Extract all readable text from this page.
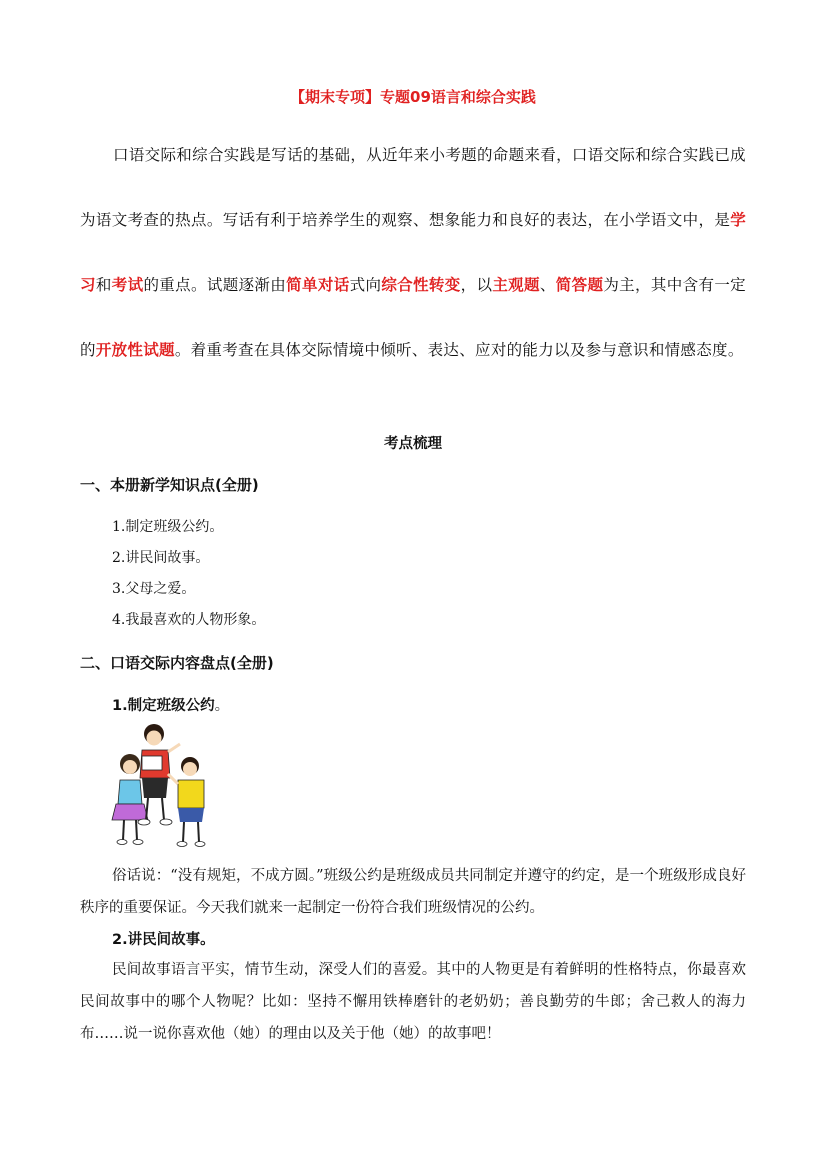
【期末专项】专题09语言和综合实践
口语交际和综合实践是写话的基础，从近年来小考题的命题来看，口语交际和综合实践已成为语文考查的热点。写话有利于培养学生的观察、想象能力和良好的表达，在小学语文中，是学习和考试的重点。试题逐渐由简单对话式向综合性转变，以主观题、简答题为主，其中含有一定的开放性试题。着重考查在具体交际情境中倾听、表达、应对的能力以及参与意识和情感态度。
考点梳理
一、本册新学知识点(全册)
1.制定班级公约。
2.讲民间故事。
3.父母之爱。
4.我最喜欢的人物形象。
二、口语交际内容盘点(全册)
1.制定班级公约。
俗话说：“没有规矩，不成方圆。”班级公约是班级成员共同制定并遵守的约定，是一个班级形成良好秩序的重要保证。今天我们就来一起制定一份符合我们班级情况的公约。
2.讲民间故事。
民间故事语言平实，情节生动，深受人们的喜爱。其中的人物更是有着鲜明的性格特点，你最喜欢民间故事中的哪个人物呢？比如：坚持不懈用铁棒磨针的老奶奶；善良勤劳的牛郎；舍己救人的海力布……说一说你喜欢他（她）的理由以及关于他（她）的故事吧！
